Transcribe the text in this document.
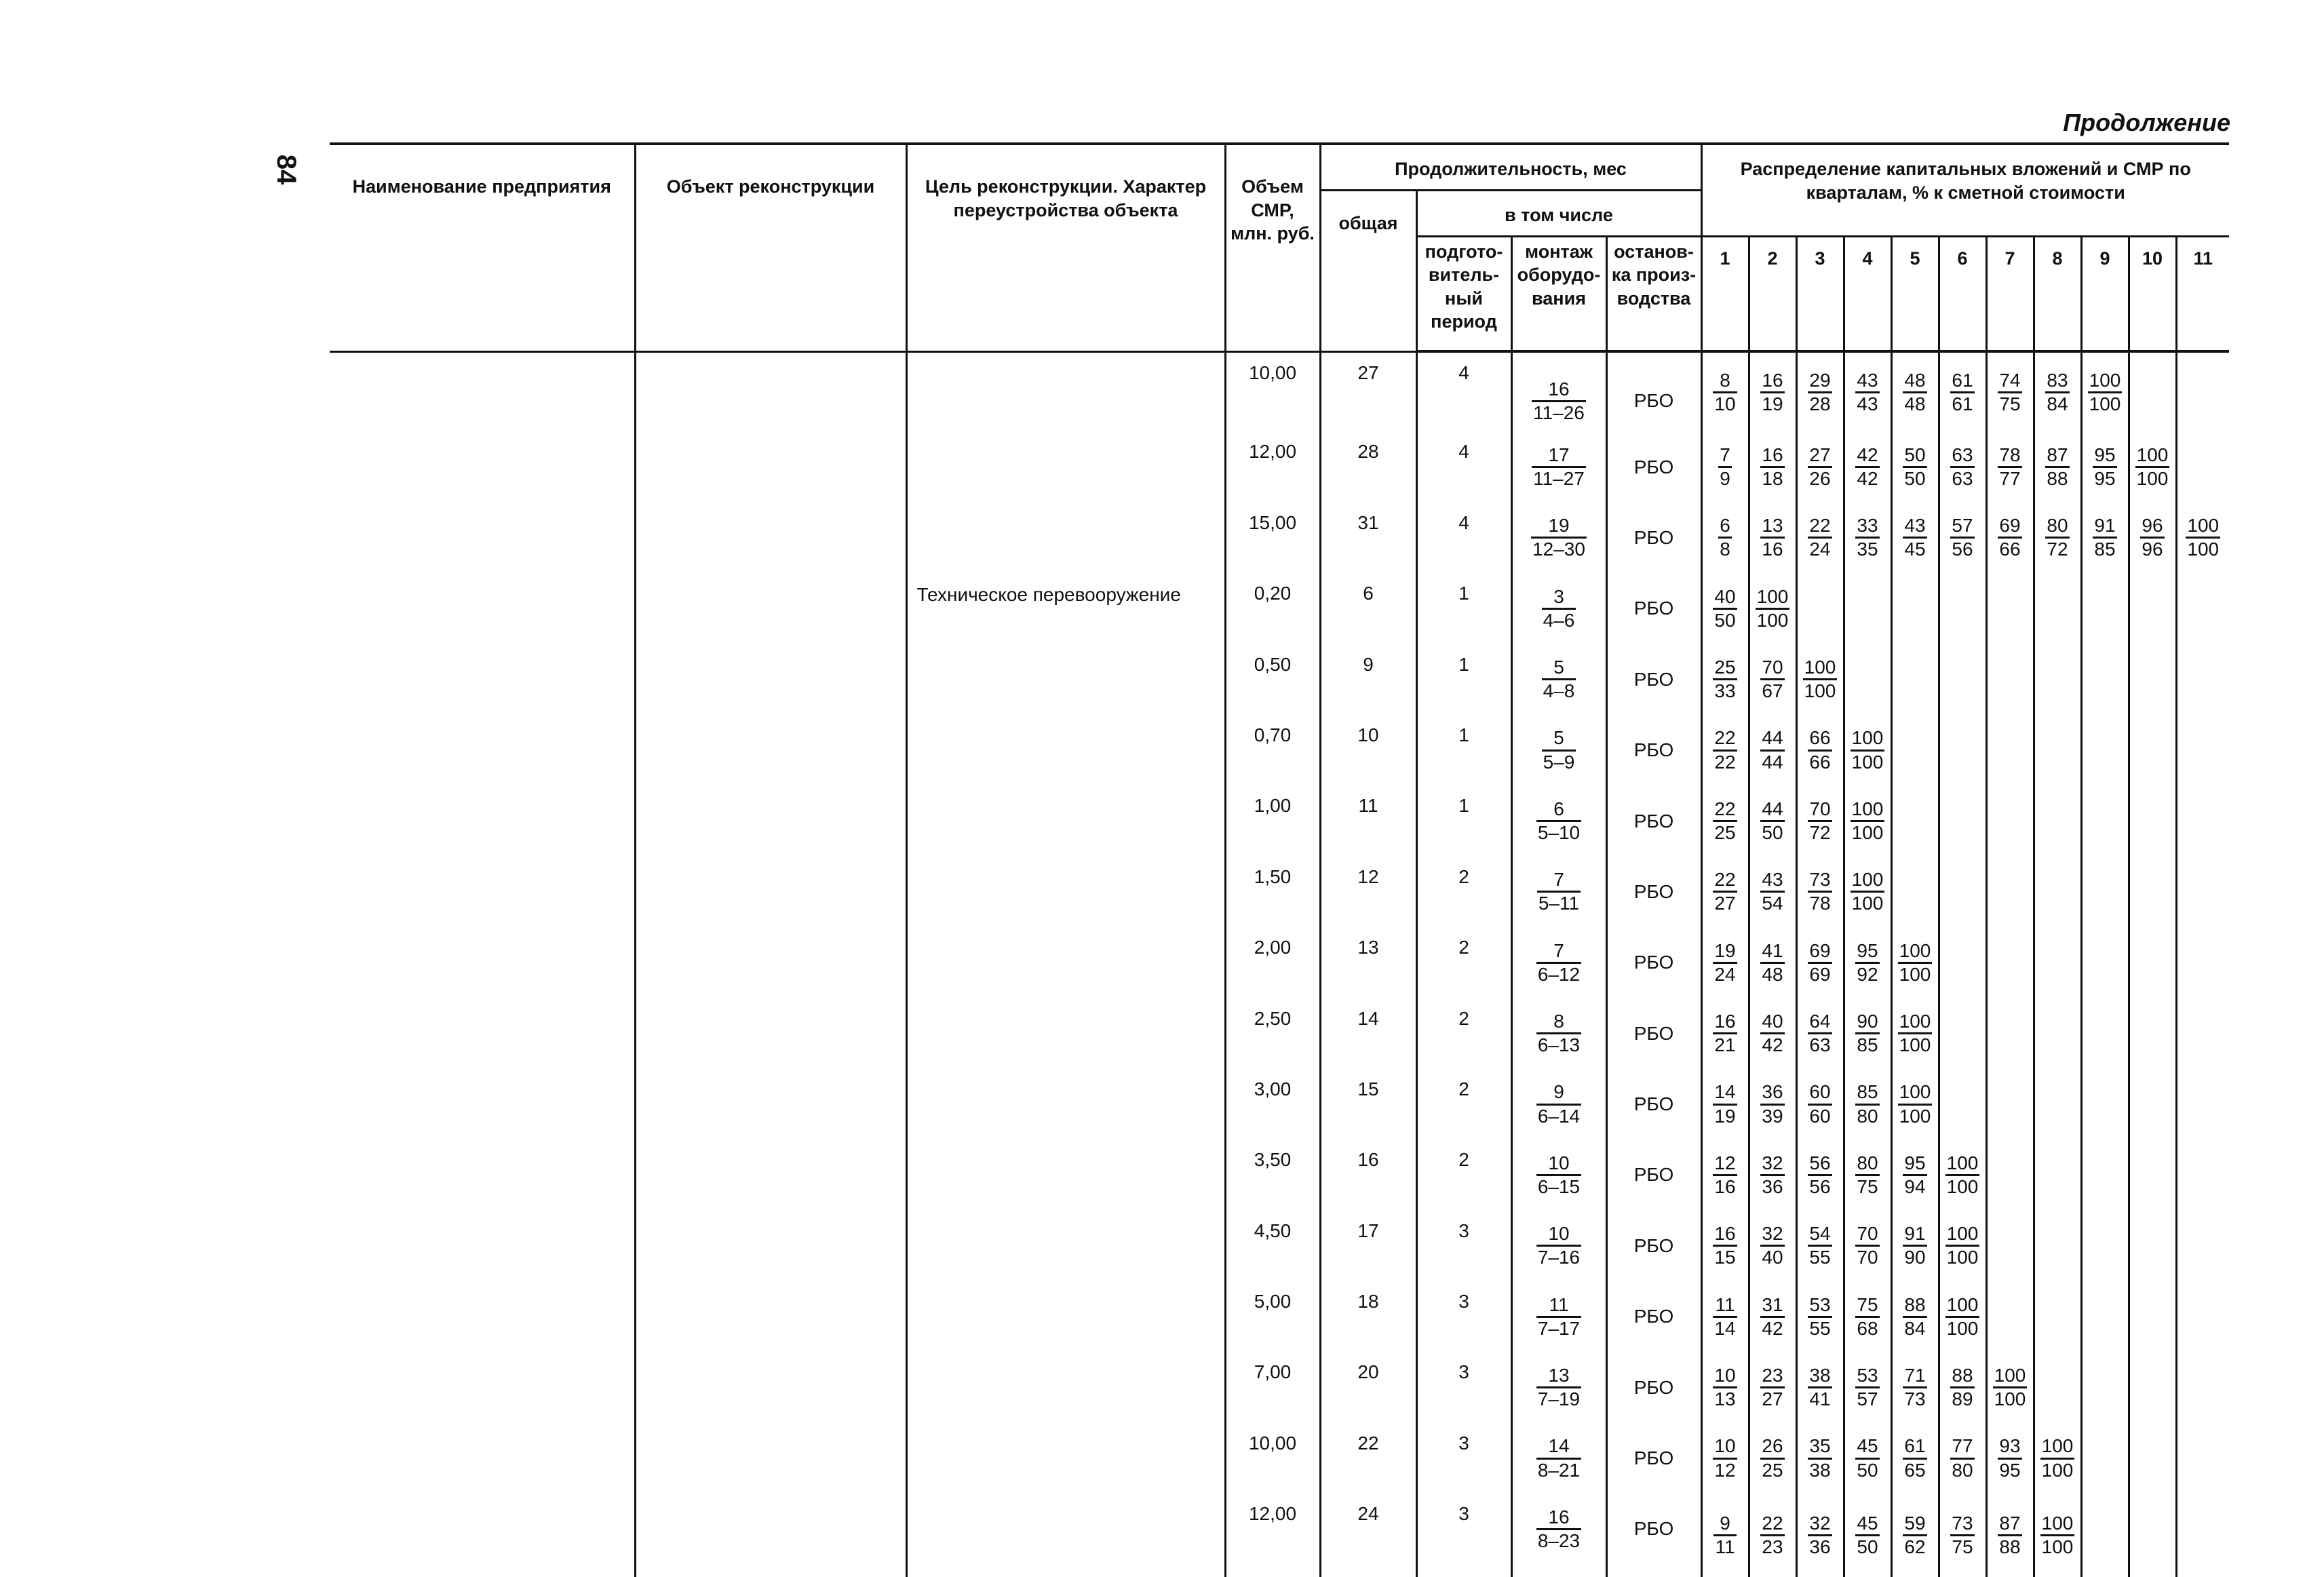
84
Продолжение
Наименование предприятия	Объект реконструкции	Цель реконструкции. Характер переустройства объекта	Объем СМР, млн. руб.	Продолжительность, мес				Распределение капитальных вложений и СМР по кварталам, % к сметной стоимости										
				общая	в том числе													
					подготовительный период	монтаж оборудования	остановка производства	1	2	3	4	5	6	7	8	9	10	11
			10,00	27	4	$\frac{16}{11-26}$	РБО	$\frac{8}{10}$	$\frac{16}{19}$	$\frac{29}{28}$	$\frac{43}{43}$	$\frac{48}{48}$	$\frac{61}{61}$	$\frac{74}{75}$	$\frac{83}{84}$	$\frac{100}{100}$

			12,00	28	4	$\frac{17}{11-27}$	РБО	$\frac{7}{9}$	$\frac{16}{18}$	$\frac{27}{26}$	$\frac{42}{42}$	$\frac{50}{50}$	$\frac{63}{63}$	$\frac{78}{77}$	$\frac{87}{88}$	$\frac{95}{95}$	$\frac{100}{100}$

			15,00	31	4	$\frac{19}{12-30}$	РБО	$\frac{6}{8}$	$\frac{13}{16}$	$\frac{22}{24}$	$\frac{33}{35}$	$\frac{43}{45}$	$\frac{57}{56}$	$\frac{69}{66}$	$\frac{80}{72}$	$\frac{91}{85}$	$\frac{96}{96}$	$\frac{100}{100}$

		Техническое перевооружение	0,20	6	1	$\frac{3}{4-6}$	РБО	$\frac{40}{50}$	$\frac{100}{100}$

			0,50	9	1	$\frac{5}{4-8}$	РБО	$\frac{25}{33}$	$\frac{70}{67}$	$\frac{100}{100}$

			0,70	10	1	$\frac{5}{5-9}$	РБО	$\frac{22}{22}$	$\frac{44}{44}$	$\frac{66}{66}$	$\frac{100}{100}$

			1,00	11	1	$\frac{6}{5-10}$	РБО	$\frac{22}{25}$	$\frac{44}{50}$	$\frac{70}{72}$	$\frac{100}{100}$

			1,50	12	2	$\frac{7}{5-11}$	РБО	$\frac{22}{27}$	$\frac{43}{54}$	$\frac{73}{78}$	$\frac{100}{100}$

			2,00	13	2	$\frac{7}{6-12}$	РБО	$\frac{19}{24}$	$\frac{41}{48}$	$\frac{69}{69}$	$\frac{95}{92}$	$\frac{100}{100}$

			2,50	14	2	$\frac{8}{6-13}$	РБО	$\frac{16}{21}$	$\frac{40}{42}$	$\frac{64}{63}$	$\frac{90}{85}$	$\frac{100}{100}$

			3,00	15	2	$\frac{9}{6-14}$	РБО	$\frac{14}{19}$	$\frac{36}{39}$	$\frac{60}{60}$	$\frac{85}{80}$	$\frac{100}{100}$

			3,50	16	2	$\frac{10}{6-15}$	РБО	$\frac{12}{16}$	$\frac{32}{36}$	$\frac{56}{56}$	$\frac{80}{75}$	$\frac{95}{94}$	$\frac{100}{100}$

			4,50	17	3	$\frac{10}{7-16}$	РБО	$\frac{16}{15}$	$\frac{32}{40}$	$\frac{54}{55}$	$\frac{70}{70}$	$\frac{91}{90}$	$\frac{100}{100}$

			5,00	18	3	$\frac{11}{7-17}$	РБО	$\frac{11}{14}$	$\frac{31}{42}$	$\frac{53}{55}$	$\frac{75}{68}$	$\frac{88}{84}$	$\frac{100}{100}$

			7,00	20	3	$\frac{13}{7-19}$	РБО	$\frac{10}{13}$	$\frac{23}{27}$	$\frac{38}{41}$	$\frac{53}{57}$	$\frac{71}{73}$	$\frac{88}{89}$	$\frac{100}{100}$

			10,00	22	3	$\frac{14}{8-21}$	РБО	$\frac{10}{12}$	$\frac{26}{25}$	$\frac{35}{38}$	$\frac{45}{50}$	$\frac{61}{65}$	$\frac{77}{80}$	$\frac{93}{95}$	$\frac{100}{100}$

			12,00	24	3	$\frac{16}{8-23}$	РБО	$\frac{9}{11}$	$\frac{22}{23}$	$\frac{32}{36}$	$\frac{45}{50}$	$\frac{59}{62}$	$\frac{73}{75}$	$\frac{87}{88}$	$\frac{100}{100}$
